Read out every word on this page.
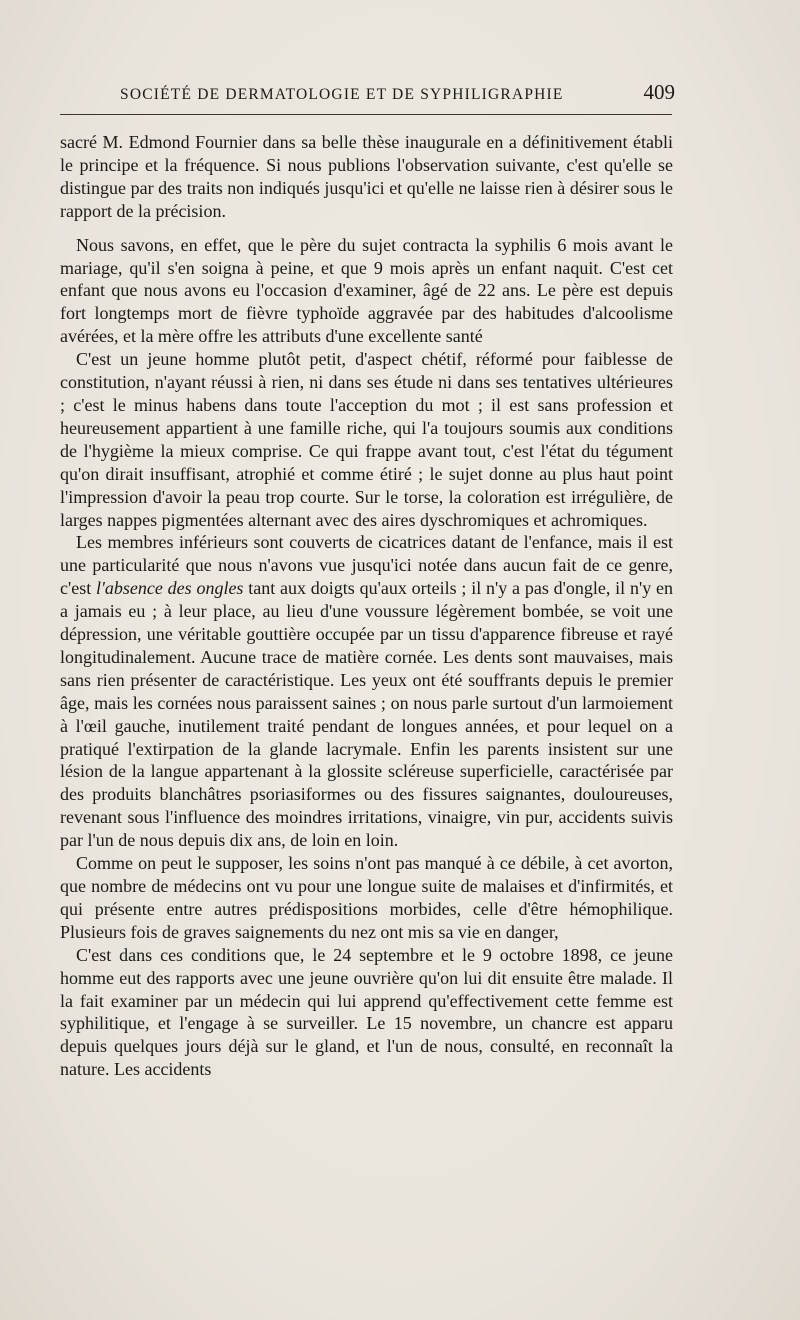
SOCIÉTÉ DE DERMATOLOGIE ET DE SYPHILIGRAPHIE	409

sacré M. Edmond Fournier dans sa belle thèse inaugurale en a définitivement établi le principe et la fréquence. Si nous publions l'observation suivante, c'est qu'elle se distingue par des traits non indiqués jusqu'ici et qu'elle ne laisse rien à désirer sous le rapport de la précision.

Nous savons, en effet, que le père du sujet contracta la syphilis 6 mois avant le mariage, qu'il s'en soigna à peine, et que 9 mois après un enfant naquit. C'est cet enfant que nous avons eu l'occasion d'examiner, âgé de 22 ans. Le père est depuis fort longtemps mort de fièvre typhoïde aggravée par des habitudes d'alcoolisme avérées, et la mère offre les attributs d'une excellente santé

C'est un jeune homme plutôt petit, d'aspect chétif, réformé pour faiblesse de constitution, n'ayant réussi à rien, ni dans ses étude ni dans ses tentatives ultérieures ; c'est le minus habens dans toute l'acception du mot ; il est sans profession et heureusement appartient à une famille riche, qui l'a toujours soumis aux conditions de l'hygième la mieux comprise. Ce qui frappe avant tout, c'est l'état du tégument qu'on dirait insuffisant, atrophié et comme étiré ; le sujet donne au plus haut point l'impression d'avoir la peau trop courte. Sur le torse, la coloration est irrégulière, de larges nappes pigmentées alternant avec des aires dyschromiques et achromiques.

Les membres inférieurs sont couverts de cicatrices datant de l'enfance, mais il est une particularité que nous n'avons vue jusqu'ici notée dans aucun fait de ce genre, c'est l'absence des ongles tant aux doigts qu'aux orteils ; il n'y a pas d'ongle, il n'y en a jamais eu ; à leur place, au lieu d'une voussure légèrement bombée, se voit une dépression, une véritable gouttière occupée par un tissu d'apparence fibreuse et rayé longitudinalement. Aucune trace de matière cornée. Les dents sont mauvaises, mais sans rien présenter de caractéristique. Les yeux ont été souffrants depuis le premier âge, mais les cornées nous paraissent saines ; on nous parle surtout d'un larmoiement à l'œil gauche, inutilement traité pendant de longues années, et pour lequel on a pratiqué l'extirpation de la glande lacrymale. Enfin les parents insistent sur une lésion de la langue appartenant à la glossite scléreuse superficielle, caractérisée par des produits blanchâtres psoriasiformes ou des fissures saignantes, douloureuses, revenant sous l'influence des moindres irritations, vinaigre, vin pur, accidents suivis par l'un de nous depuis dix ans, de loin en loin.

Comme on peut le supposer, les soins n'ont pas manqué à ce débile, à cet avorton, que nombre de médecins ont vu pour une longue suite de malaises et d'infirmités, et qui présente entre autres prédispositions morbides, celle d'être hémophilique. Plusieurs fois de graves saignements du nez ont mis sa vie en danger,

C'est dans ces conditions que, le 24 septembre et le 9 octobre 1898, ce jeune homme eut des rapports avec une jeune ouvrière qu'on lui dit ensuite être malade. Il la fait examiner par un médecin qui lui apprend qu'effectivement cette femme est syphilitique, et l'engage à se surveiller. Le 15 novembre, un chancre est apparu depuis quelques jours déjà sur le gland, et l'un de nous, consulté, en reconnaît la nature. Les accidents
